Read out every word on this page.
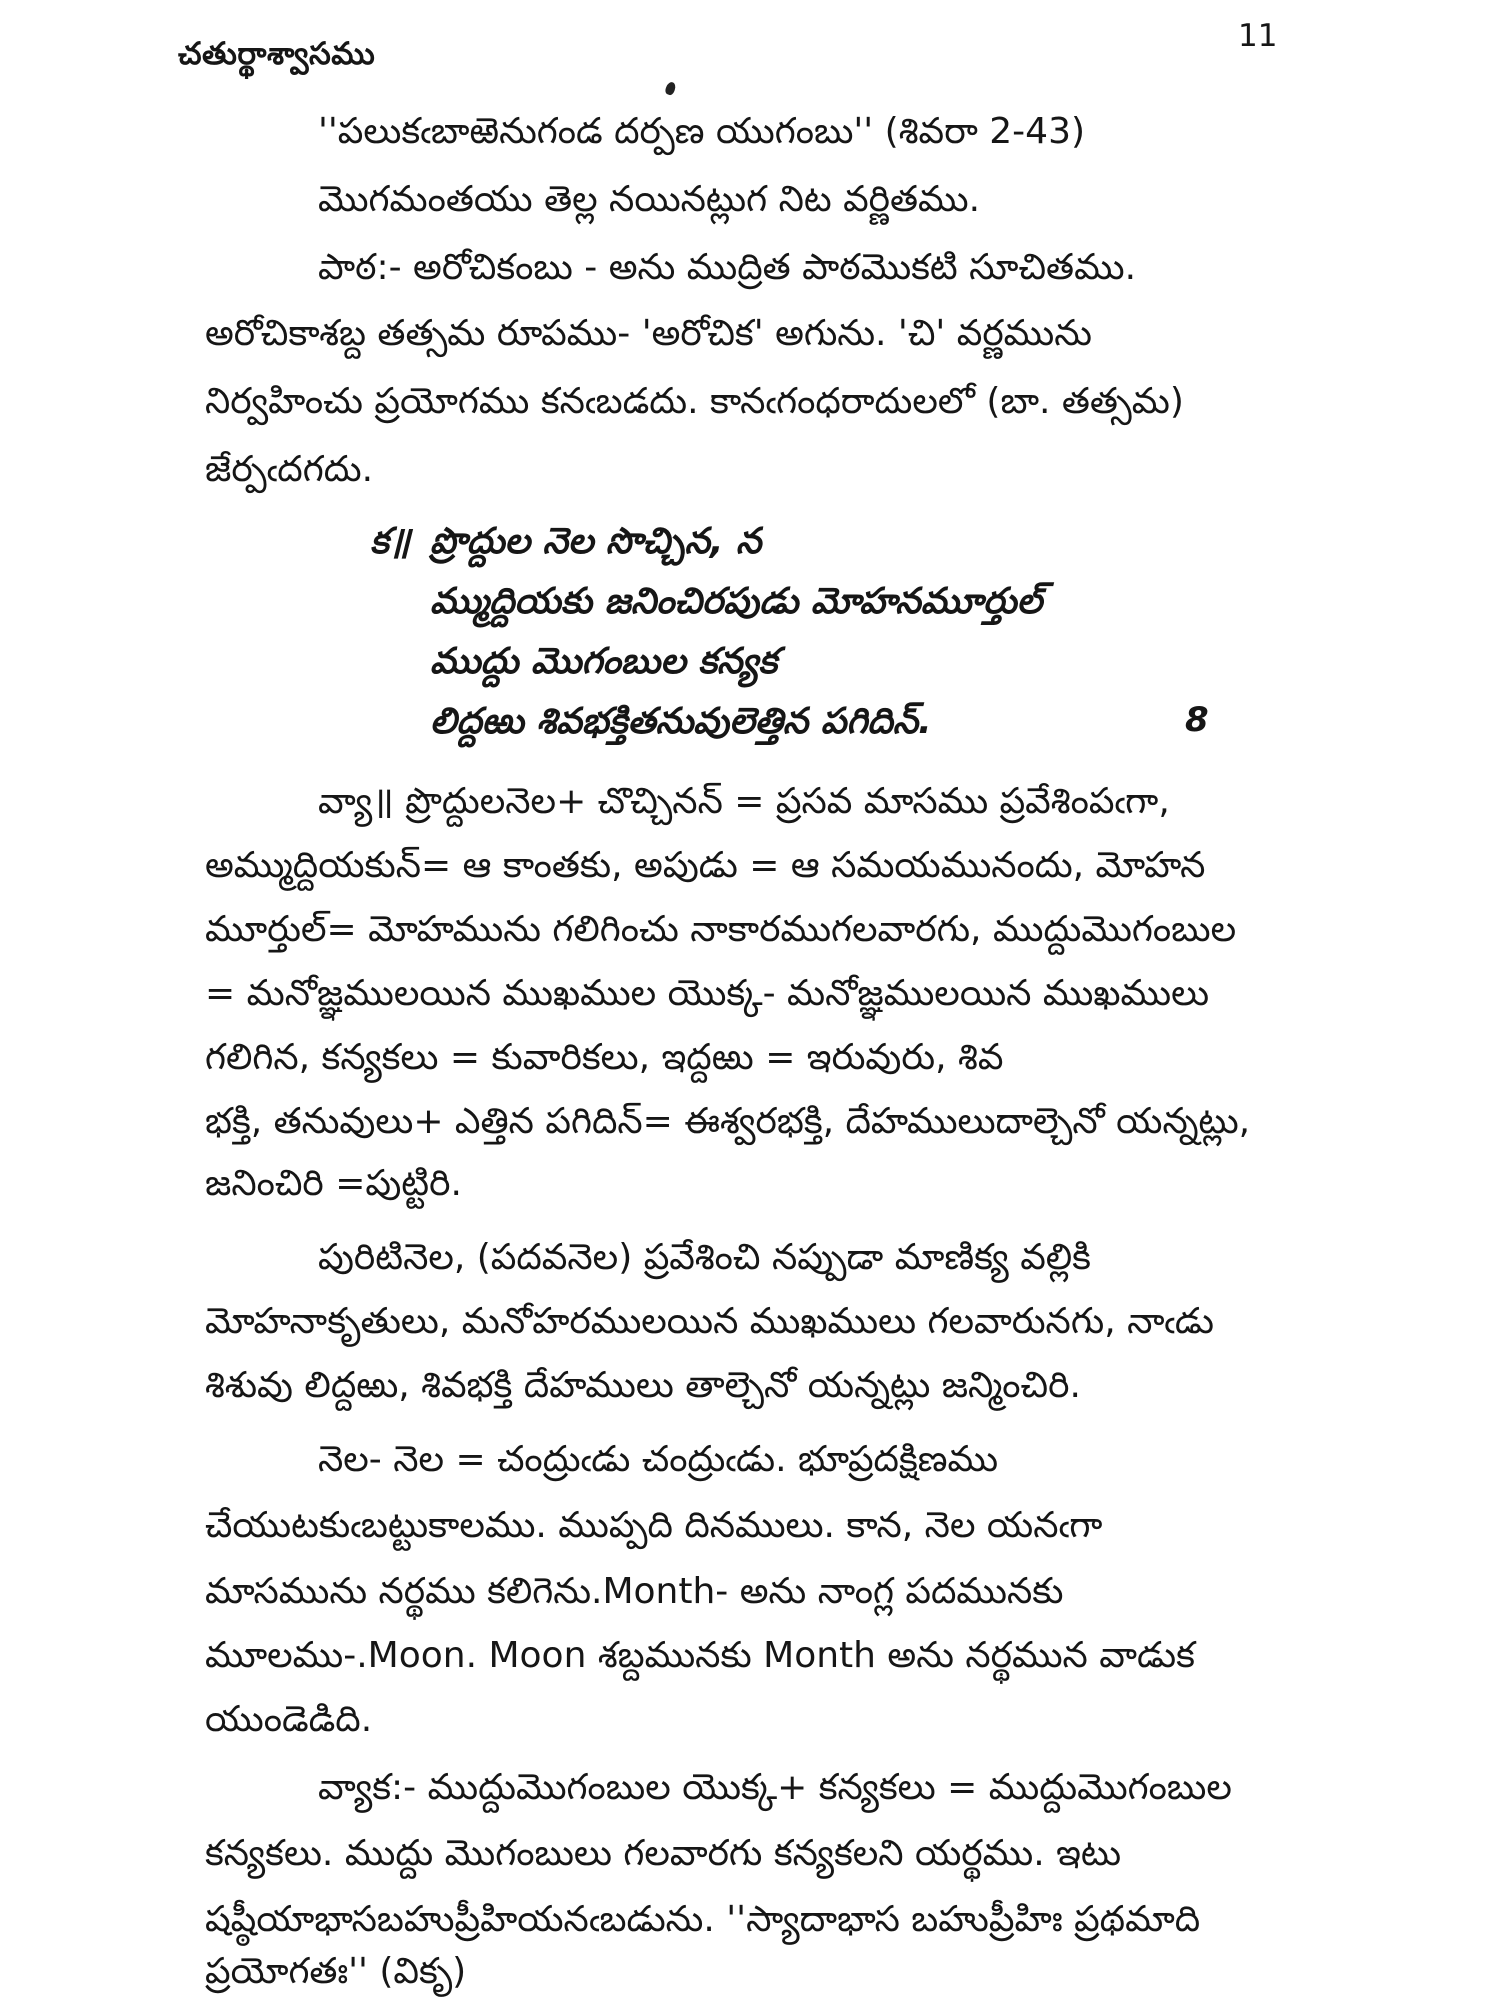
చతుర్థాశ్వాసము	11
''పలుకఁబాఱెనుగండ దర్పణ యుగంబు'' (శివరా 2-43)
మొగమంతయు తెల్ల నయినట్లుగ నిట వర్ణితము.
పాఠ:- అరోచికంబు - అను ముద్రిత పాఠమొకటి సూచితము.
అరోచికాశబ్ద తత్సమ రూపము- 'అరోచిక' అగును. 'చి' వర్ణమును
నిర్వహించు ప్రయోగము కనఁబడదు. కానఁగంధరాదులలో (బా. తత్సమ)
జేర్పఁదగదు.
క॥ ప్రొద్దుల నెల సొచ్చిన, న
మ్ముద్దియకు జనించిరపుడు మోహనమూర్తుల్
ముద్దు మొగంబుల కన్యక
లిద్దఱు శివభక్తితనువులెత్తిన పగిదిన్.	8
వ్యా॥ ప్రొద్దులనెల+ చొచ్చినన్ = ప్రసవ మాసము ప్రవేశింపఁగా,
అమ్ముద్దియకున్= ఆ కాంతకు, అపుడు = ఆ సమయమునందు, మోహన
మూర్తుల్= మోహమును గలిగించు నాకారముగలవారగు, ముద్దుమొగంబుల
= మనోజ్ఞములయిన ముఖముల యొక్క- మనోజ్ఞములయిన ముఖములు
గలిగిన, కన్యకలు = కువారికలు, ఇద్దఱు = ఇరువురు, శివ
భక్తి, తనువులు+ ఎత్తిన పగిదిన్= ఈశ్వరభక్తి, దేహములుదాల్చెనో యన్నట్లు,
జనించిరి =పుట్టిరి.
పురిటినెల, (పదవనెల) ప్రవేశించి నప్పుడా మాణిక్య వల్లికి
మోహనాకృతులు, మనోహరములయిన ముఖములు గలవారునగు, నాఁడు
శిశువు లిద్దఱు, శివభక్తి దేహములు తాల్చెనో యన్నట్లు జన్మించిరి.
నెల- నెల = చంద్రుఁడు చంద్రుఁడు. భూప్రదక్షిణము
చేయుటకుఁబట్టుకాలము. ముప్పది దినములు. కాన, నెల యనఁగా
మాసమును నర్థము కలిగెను.Month- అను నాంగ్ల పదమునకు
మూలము-.Moon. Moon శబ్దమునకు Month అను నర్థమున వాడుక
యుండెడిది.
వ్యాక:- ముద్దుమొగంబుల యొక్క+ కన్యకలు = ముద్దుమొగంబుల
కన్యకలు. ముద్దు మొగంబులు గలవారగు కన్యకలని యర్థము. ఇటు
షష్ఠీయాభాసబహుప్రీహియనఁబడును. ''స్యాదాభాస బహుప్రీహిః ప్రథమాది
ప్రయోగతః'' (వికృ)
